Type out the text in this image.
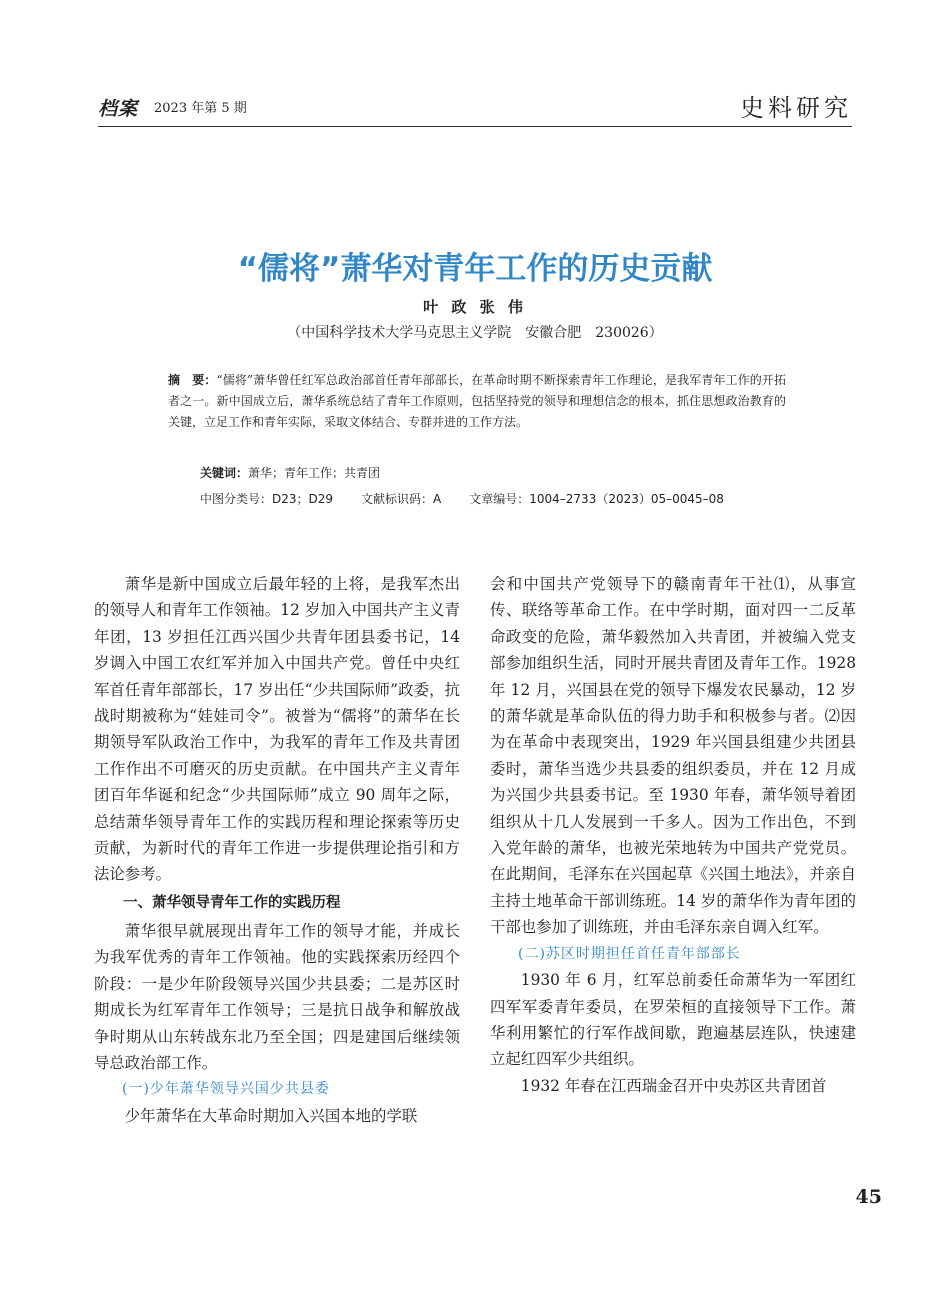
档案 2023 年第 5 期	史料研究
“儒将”萧华对青年工作的历史贡献
叶 政 张 伟
（中国科学技术大学马克思主义学院　安徽合肥　230026）
摘　要：“儒将”萧华曾任红军总政治部首任青年部部长，在革命时期不断探索青年工作理论，是我军青年工作的开拓者之一。新中国成立后，萧华系统总结了青年工作原则，包括坚持党的领导和理想信念的根本，抓住思想政治教育的关键，立足工作和青年实际，采取文体结合、专群并进的工作方法。
关键词：萧华；青年工作；共青团
中图分类号：D23；D29 文献标识码：A 文章编号：1004–2733（2023）05–0045–08

萧华是新中国成立后最年轻的上将，是我军杰出的领导人和青年工作领袖。12 岁加入中国共产主义青年团，13 岁担任江西兴国少共青年团县委书记，14 岁调入中国工农红军并加入中国共产党。曾任中央红军首任青年部部长，17 岁出任“少共国际师”政委，抗战时期被称为“娃娃司令”。被誉为“儒将”的萧华在长期领导军队政治工作中，为我军的青年工作及共青团工作作出不可磨灭的历史贡献。在中国共产主义青年团百年华诞和纪念“少共国际师”成立 90 周年之际，总结萧华领导青年工作的实践历程和理论探索等历史贡献，为新时代的青年工作进一步提供理论指引和方法论参考。

一、萧华领导青年工作的实践历程

萧华很早就展现出青年工作的领导才能，并成长为我军优秀的青年工作领袖。他的实践探索历经四个阶段：一是少年阶段领导兴国少共县委；二是苏区时期成长为红军青年工作领导；三是抗日战争和解放战争时期从山东转战东北乃至全国；四是建国后继续领导总政治部工作。

(一)少年萧华领导兴国少共县委

少年萧华在大革命时期加入兴国本地的学联

会和中国共产党领导下的赣南青年干社⑴，从事宣传、联络等革命工作。在中学时期，面对四一二反革命政变的危险，萧华毅然加入共青团，并被编入党支部参加组织生活，同时开展共青团及青年工作。1928 年 12 月，兴国县在党的领导下爆发农民暴动，12 岁的萧华就是革命队伍的得力助手和积极参与者。⑵因为在革命中表现突出，1929 年兴国县组建少共团县委时，萧华当选少共县委的组织委员，并在 12 月成为兴国少共县委书记。至 1930 年春，萧华领导着团组织从十几人发展到一千多人。因为工作出色，不到入党年龄的萧华，也被光荣地转为中国共产党党员。在此期间，毛泽东在兴国起草《兴国土地法》，并亲自主持土地革命干部训练班。14 岁的萧华作为青年团的干部也参加了训练班，并由毛泽东亲自调入红军。

(二)苏区时期担任首任青年部部长

1930 年 6 月，红军总前委任命萧华为一军团红四军军委青年委员，在罗荣桓的直接领导下工作。萧华利用繁忙的行军作战间歇，跑遍基层连队，快速建立起红四军少共组织。

1932 年春在江西瑞金召开中央苏区共青团首

45
